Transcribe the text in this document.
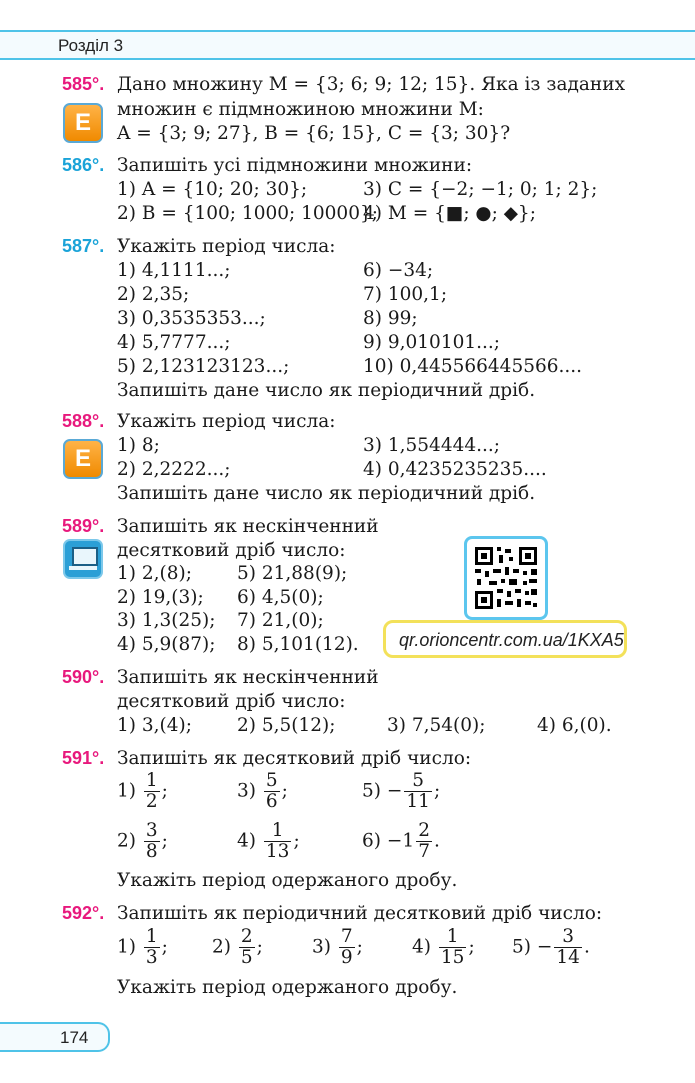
Розділ 3
585°. Дано множину M = {3; 6; 9; 12; 15}. Яка із заданих
множин є підмножиною множини M:
A = {3; 9; 27}, B = {6; 15}, C = {3; 30}?
E
586°. Запишіть усі підмножини множини:
1) A = {10; 20; 30};
2) B = {100; 1000; 10000};
3) C = {−2; −1; 0; 1; 2};
4) M = {■; ●; ◆};
587°. Укажіть період числа:
1) 4,1111...;
2) 2,35;
3) 0,3535353...;
4) 5,7777...;
5) 2,123123123...;
6) −34;
7) 100,1;
8) 99;
9) 9,010101...;
10) 0,445566445566....
Запишіть дане число як періодичний дріб.
588°. Укажіть період числа:
1) 8;
2) 2,2222...;
3) 1,554444...;
4) 0,4235235235....
Запишіть дане число як періодичний дріб.
E
589°. Запишіть як нескінченний
десятковий дріб число:
1) 2,(8);
2) 19,(3);
3) 1,3(25);
4) 5,9(87);
5) 21,88(9);
6) 4,5(0);
7) 21,(0);
8) 5,101(12). qr.orioncentr.com.ua/1KXA5
590°. Запишіть як нескінченний
десятковий дріб число:
1) 3,(4); 2) 5,5(12);	3) 7,54(0);	4) 6,(0).
591°. Запишіть як десятковий дріб число:
$1) \frac{1}{2}$ ;	$3) \frac{5}{6}$ ;	$5) - \frac{5}{11}$ ;
$2) \frac{3}{8}$ ;	$4) \frac{1}{13}$ ;	$6) -1 \frac{2}{7}$ .
Укажіть період одержаного дробу.
592°. Запишіть як періодичний десятковий дріб число:
$1) \frac{1}{3}$ ; $2) \frac{2}{5}$ ;	$3) \frac{7}{9}$ ;	$4) \frac{1}{15}$ ; $5) - \frac{3}{14}$ .
Укажіть період одержаного дробу.
174
